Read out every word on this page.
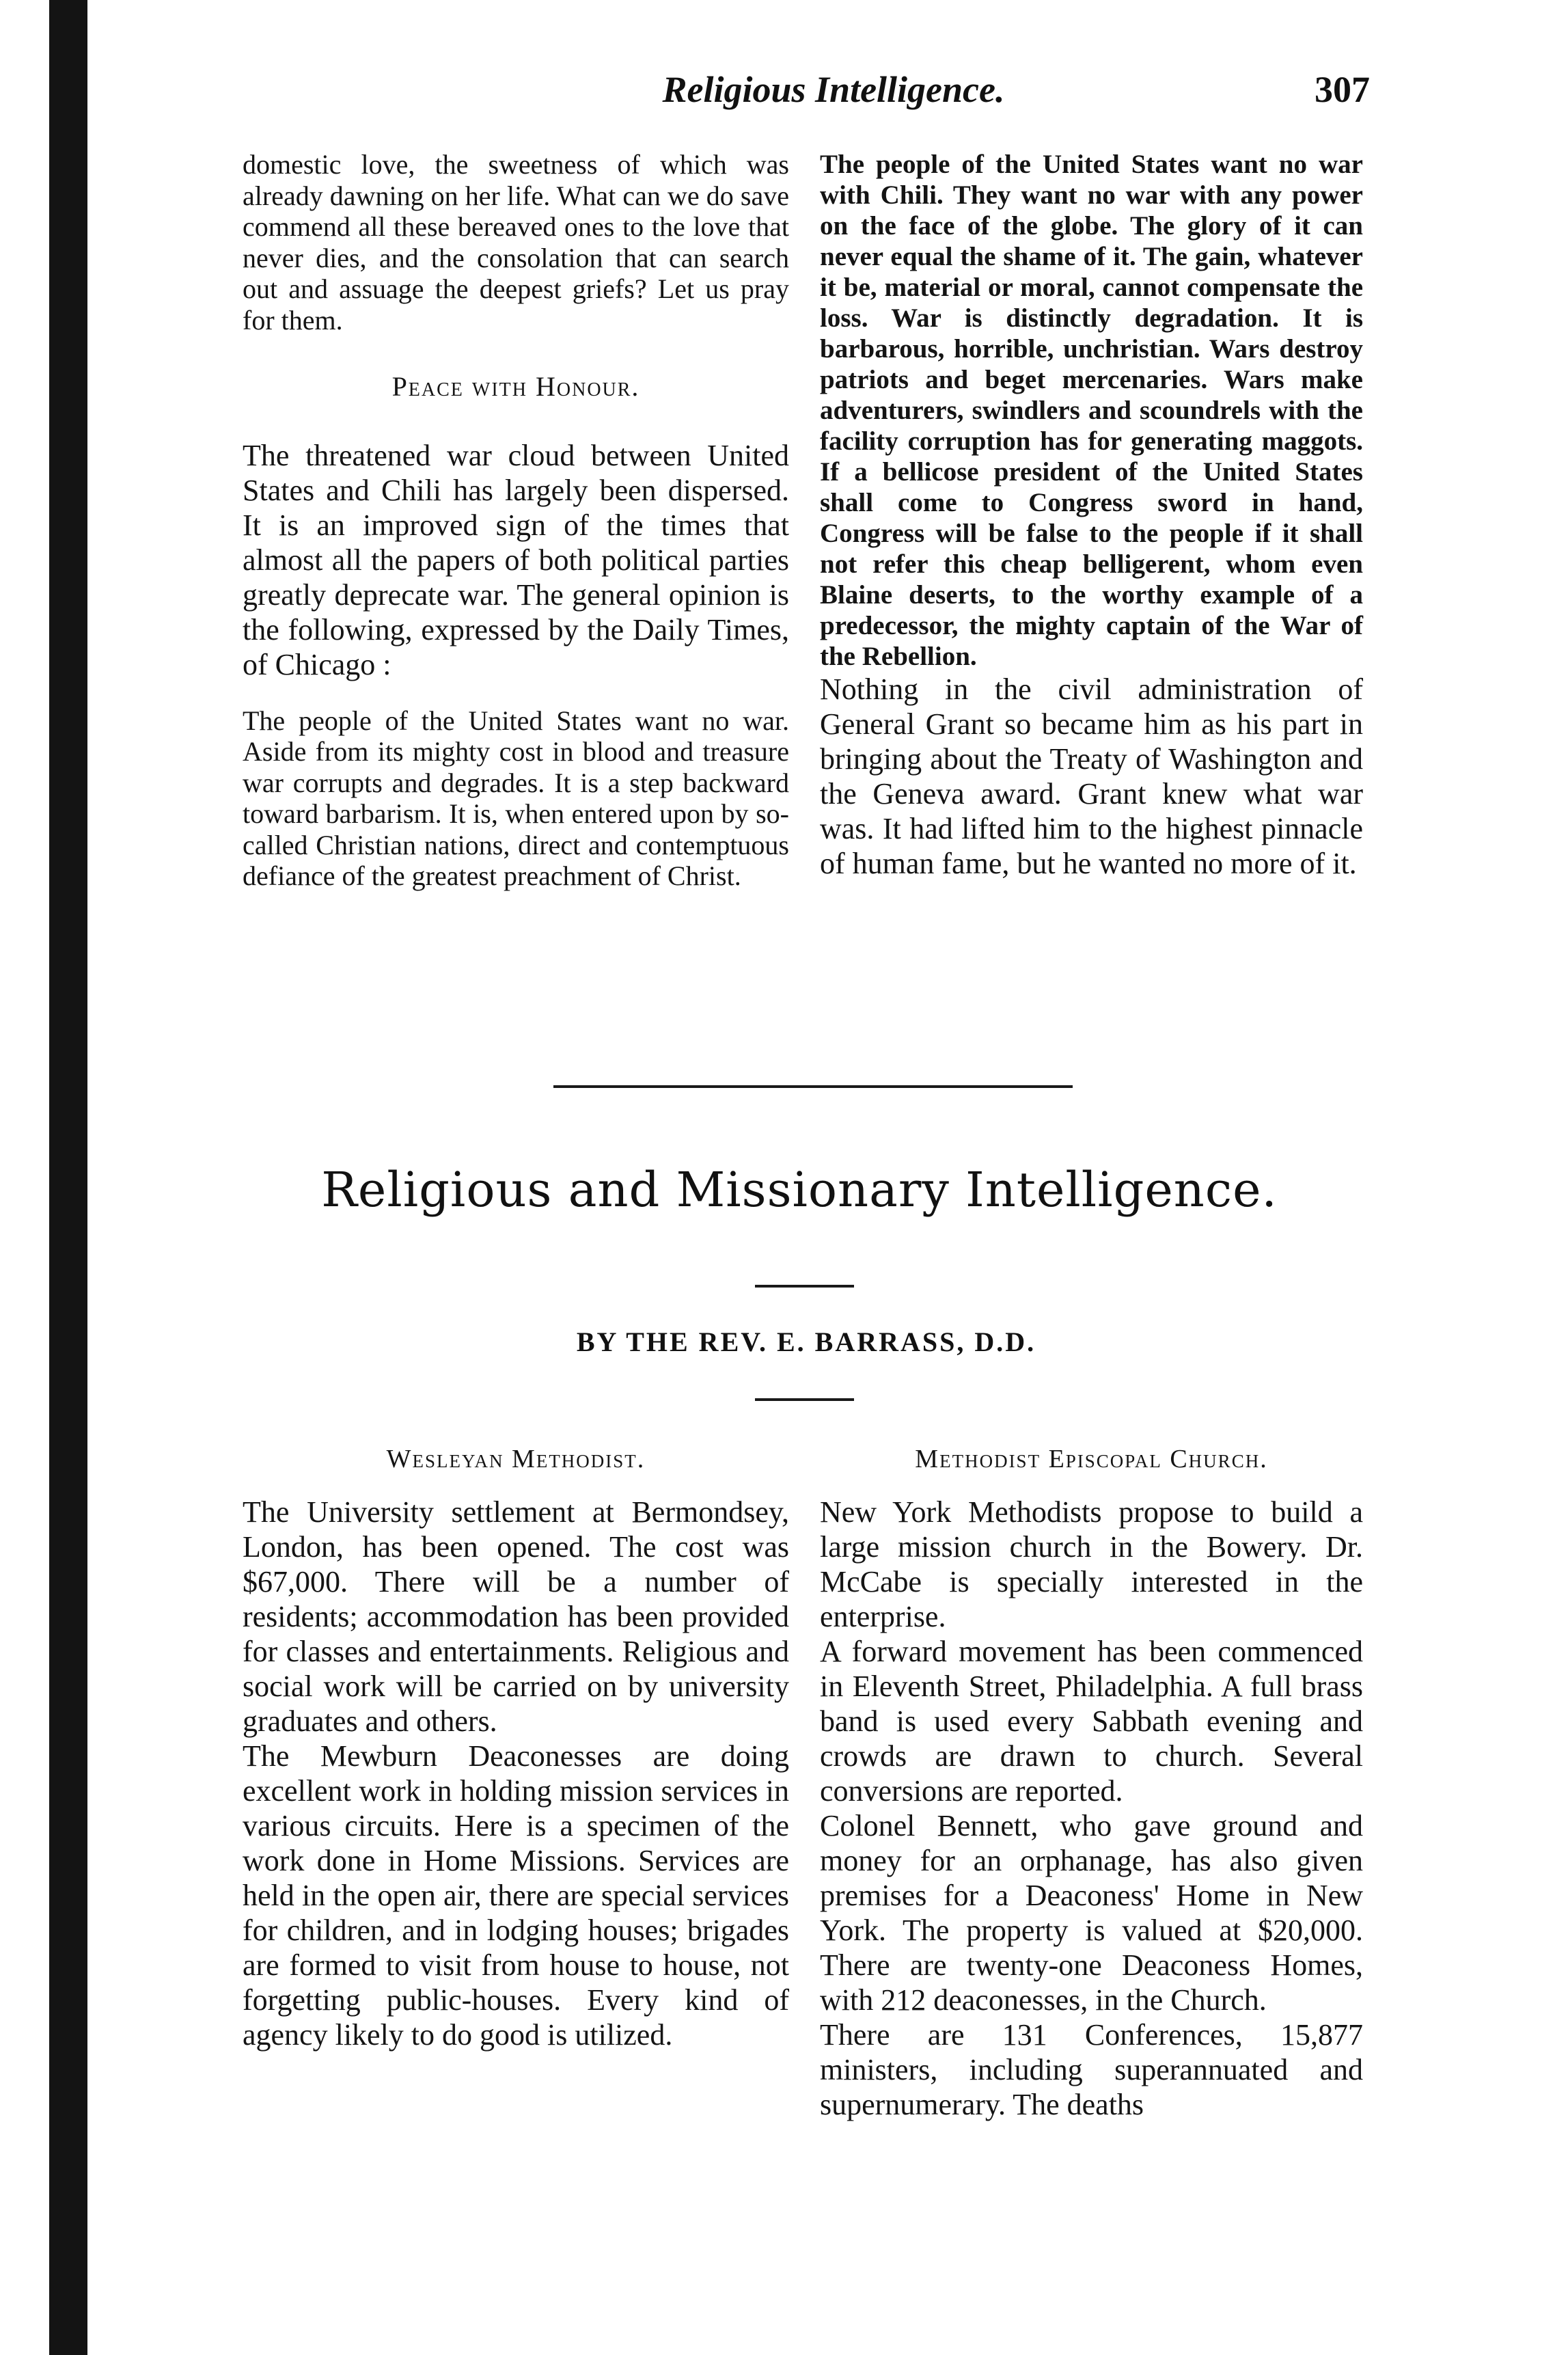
Religious Intelligence.	307

domestic love, the sweetness of which was already dawning on her life. What can we do save commend all these bereaved ones to the love that never dies, and the consolation that can search out and assuage the deepest griefs? Let us pray for them.

Peace with Honour.

The threatened war cloud between United States and Chili has largely been dispersed. It is an improved sign of the times that almost all the papers of both political parties greatly deprecate war. The general opinion is the following, expressed by the Daily Times, of Chicago :

The people of the United States want no war. Aside from its mighty cost in blood and treasure war corrupts and degrades. It is a step backward toward barbarism. It is, when entered upon by so-called Christian nations, direct and contemptuous defiance of the greatest preachment of Christ.

The people of the United States want no war with Chili. They want no war with any power on the face of the globe. The glory of it can never equal the shame of it. The gain, whatever it be, material or moral, cannot compensate the loss. War is distinctly degradation. It is barbarous, horrible, unchristian. Wars destroy patriots and beget mercenaries. Wars make adventurers, swindlers and scoundrels with the facility corruption has for generating maggots. If a bellicose president of the United States shall come to Congress sword in hand, Congress will be false to the people if it shall not refer this cheap belligerent, whom even Blaine deserts, to the worthy example of a predecessor, the mighty captain of the War of the Rebellion.

Nothing in the civil administration of General Grant so became him as his part in bringing about the Treaty of Washington and the Geneva award. Grant knew what war was. It had lifted him to the highest pinnacle of human fame, but he wanted no more of it.

Religious and Missionary Intelligence.
BY THE REV. E. BARRASS, D.D.

Wesleyan Methodist.

The University settlement at Bermondsey, London, has been opened. The cost was $67,000. There will be a number of residents; accommodation has been provided for classes and entertainments. Religious and social work will be carried on by university graduates and others.

The Mewburn Deaconesses are doing excellent work in holding mission services in various circuits. Here is a specimen of the work done in Home Missions. Services are held in the open air, there are special services for children, and in lodging houses; brigades are formed to visit from house to house, not forgetting public-houses. Every kind of agency likely to do good is utilized.

Methodist Episcopal Church.

New York Methodists propose to build a large mission church in the Bowery. Dr. McCabe is specially interested in the enterprise.

A forward movement has been commenced in Eleventh Street, Philadelphia. A full brass band is used every Sabbath evening and crowds are drawn to church. Several conversions are reported.

Colonel Bennett, who gave ground and money for an orphanage, has also given premises for a Deaconess' Home in New York. The property is valued at $20,000. There are twenty-one Deaconess Homes, with 212 deaconesses, in the Church.

There are 131 Conferences, 15,877 ministers, including superannuated and supernumerary. The deaths
